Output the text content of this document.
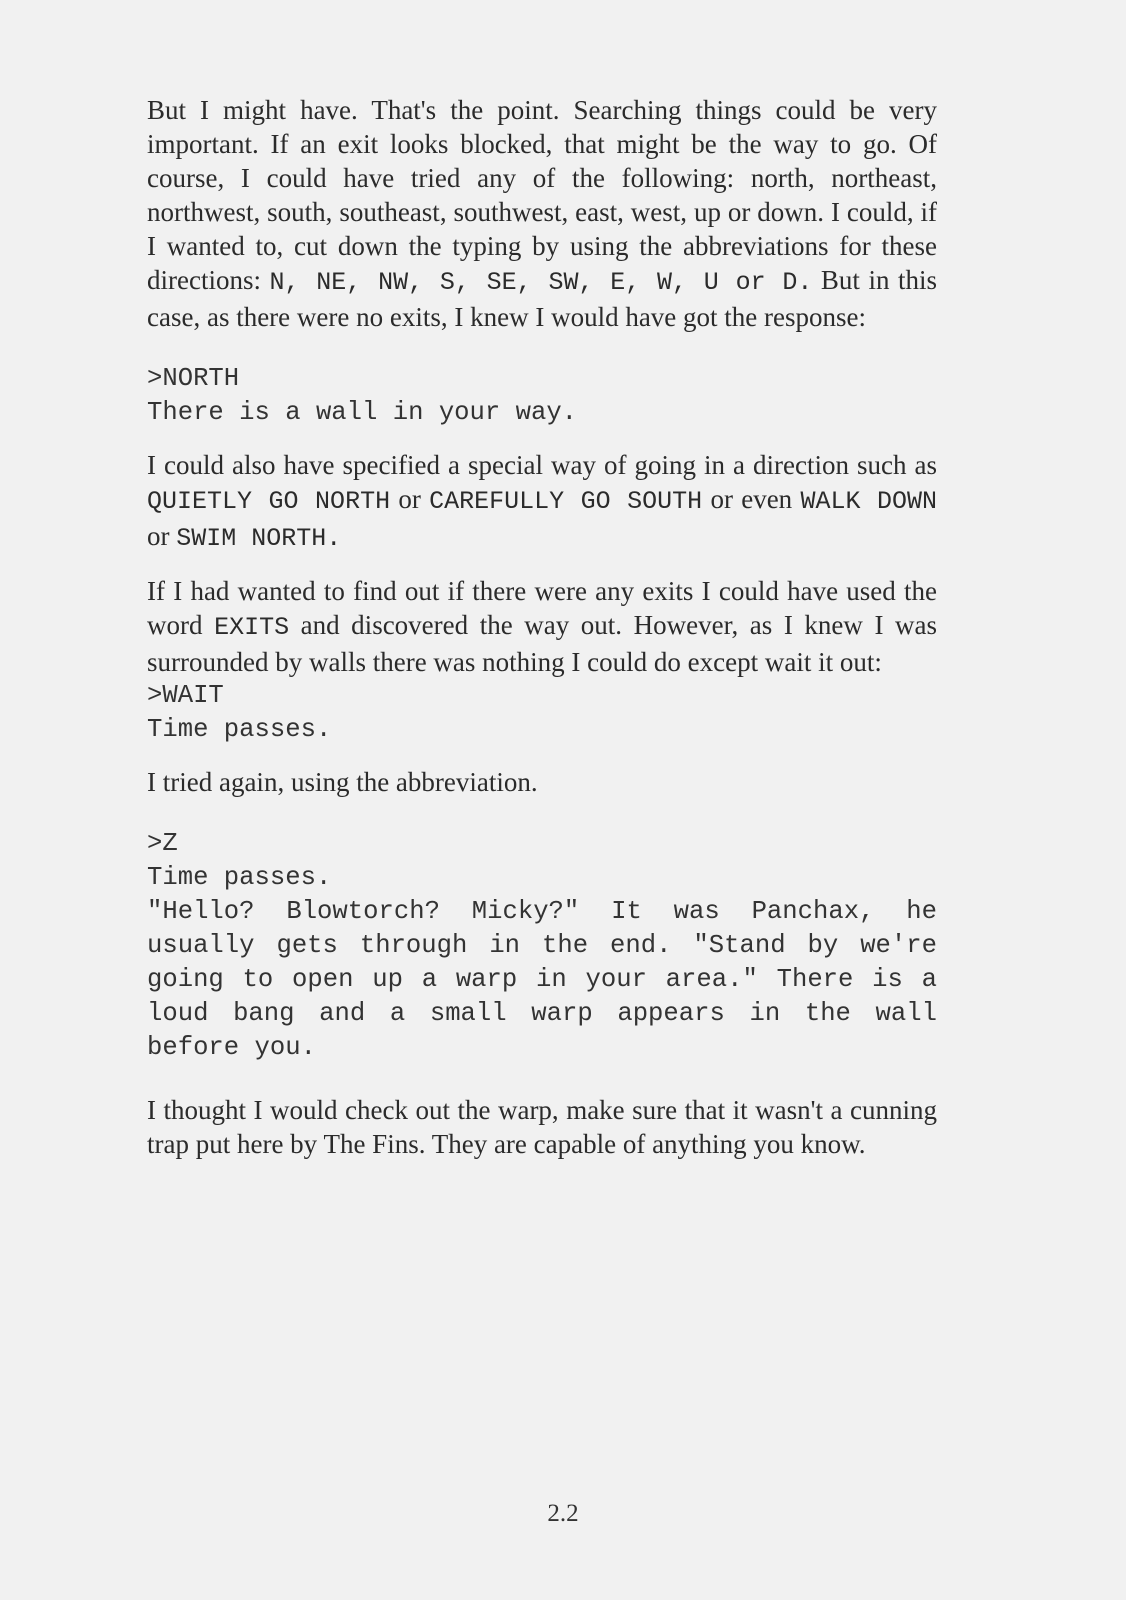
But I might have. That's the point. Searching things could be very important. If an exit looks blocked, that might be the way to go. Of course, I could have tried any of the following: north, northeast, northwest, south, southeast, southwest, east, west, up or down. I could, if I wanted to, cut down the typing by using the abbreviations for these directions: N, NE, NW, S, SE, SW, E, W, U or D. But in this case, as there were no exits, I knew I would have got the response:

>NORTH
There is a wall in your way.

I could also have specified a special way of going in a direction such as QUIETLY GO NORTH or CAREFULLY GO SOUTH or even WALK DOWN or SWIM NORTH.

If I had wanted to find out if there were any exits I could have used the word EXITS and discovered the way out. However, as I knew I was surrounded by walls there was nothing I could do except wait it out:

>WAIT
Time passes.

I tried again, using the abbreviation.

>Z
Time passes.
"Hello? Blowtorch? Micky?" It was Panchax, he usually gets through in the end. "Stand by we're going to open up a warp in your area." There is a loud bang and a small warp appears in the wall before you.

I thought I would check out the warp, make sure that it wasn't a cunning trap put here by The Fins. They are capable of anything you know.

2.2
